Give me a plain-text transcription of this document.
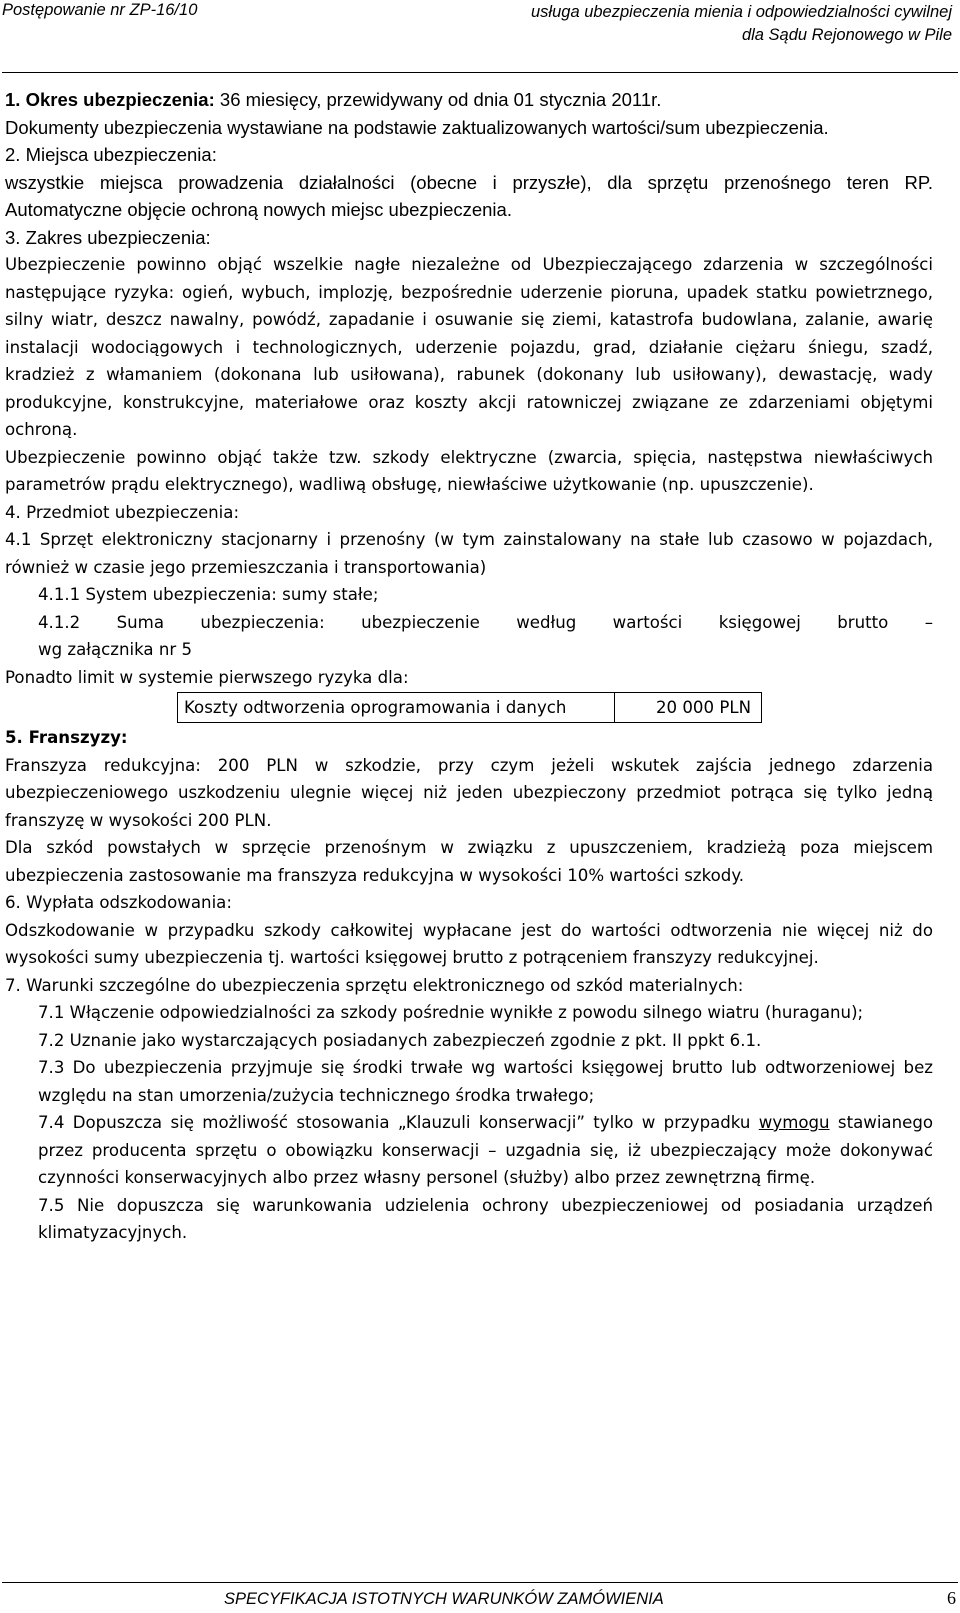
Postępowanie nr ZP-16/10	usługa ubezpieczenia mienia i odpowiedzialności cywilnej
dla Sądu Rejonowego w Pile

1. Okres ubezpieczenia: 36 miesięcy, przewidywany od dnia 01 stycznia 2011r.

Dokumenty ubezpieczenia wystawiane na podstawie zaktualizowanych wartości/sum ubezpieczenia.

2. Miejsca ubezpieczenia:

wszystkie miejsca prowadzenia działalności (obecne i przyszłe), dla sprzętu przenośnego teren RP. Automatyczne objęcie ochroną nowych miejsc ubezpieczenia.

3. Zakres ubezpieczenia:

Ubezpieczenie powinno objąć wszelkie nagłe niezależne od Ubezpieczającego zdarzenia w szczególności następujące ryzyka: ogień, wybuch, implozję, bezpośrednie uderzenie pioruna, upadek statku powietrznego, silny wiatr, deszcz nawalny, powódź, zapadanie i osuwanie się ziemi, katastrofa budowlana, zalanie, awarię instalacji wodociągowych i technologicznych, uderzenie pojazdu, grad, działanie ciężaru śniegu, szadź, kradzież z włamaniem (dokonana lub usiłowana), rabunek (dokonany lub usiłowany), dewastację, wady produkcyjne, konstrukcyjne, materiałowe oraz koszty akcji ratowniczej związane ze zdarzeniami objętymi ochroną.

Ubezpieczenie powinno objąć także tzw. szkody elektryczne (zwarcia, spięcia, następstwa niewłaściwych parametrów prądu elektrycznego), wadliwą obsługę, niewłaściwe użytkowanie (np. upuszczenie).

4. Przedmiot ubezpieczenia:

4.1 Sprzęt elektroniczny stacjonarny i przenośny (w tym zainstalowany na stałe lub czasowo w pojazdach, również w czasie jego przemieszczania i transportowania)

4.1.1 System ubezpieczenia: sumy stałe;

4.1.2 Suma ubezpieczenia: ubezpieczenie według wartości księgowej brutto –

wg załącznika nr 5

Ponadto limit w systemie pierwszego ryzyka dla:

Koszty odtworzenia oprogramowania i danych	20 000 PLN

5. Franszyzy:

Franszyza redukcyjna: 200 PLN w szkodzie, przy czym jeżeli wskutek zajścia jednego zdarzenia ubezpieczeniowego uszkodzeniu ulegnie więcej niż jeden ubezpieczony przedmiot potrąca się tylko jedną franszyzę w wysokości 200 PLN.

Dla szkód powstałych w sprzęcie przenośnym w związku z upuszczeniem, kradzieżą poza miejscem ubezpieczenia zastosowanie ma franszyza redukcyjna w wysokości 10% wartości szkody.

6. Wypłata odszkodowania:

Odszkodowanie w przypadku szkody całkowitej wypłacane jest do wartości odtworzenia nie więcej niż do wysokości sumy ubezpieczenia tj. wartości księgowej brutto z potrąceniem franszyzy redukcyjnej.

7. Warunki szczególne do ubezpieczenia sprzętu elektronicznego od szkód materialnych:

7.1 Włączenie odpowiedzialności za szkody pośrednie wynikłe z powodu silnego wiatru (huraganu);

7.2 Uznanie jako wystarczających posiadanych zabezpieczeń zgodnie z pkt. II ppkt 6.1.

7.3 Do ubezpieczenia przyjmuje się środki trwałe wg wartości księgowej brutto lub odtworzeniowej bez względu na stan umorzenia/zużycia technicznego środka trwałego;

7.4 Dopuszcza się możliwość stosowania „Klauzuli konserwacji” tylko w przypadku wymogu stawianego przez producenta sprzętu o obowiązku konserwacji – uzgadnia się, iż ubezpieczający może dokonywać czynności konserwacyjnych albo przez własny personel (służby) albo przez zewnętrzną firmę.

7.5 Nie dopuszcza się warunkowania udzielenia ochrony ubezpieczeniowej od posiadania urządzeń klimatyzacyjnych.

SPECYFIKACJA ISTOTNYCH WARUNKÓW ZAMÓWIENIA	6
